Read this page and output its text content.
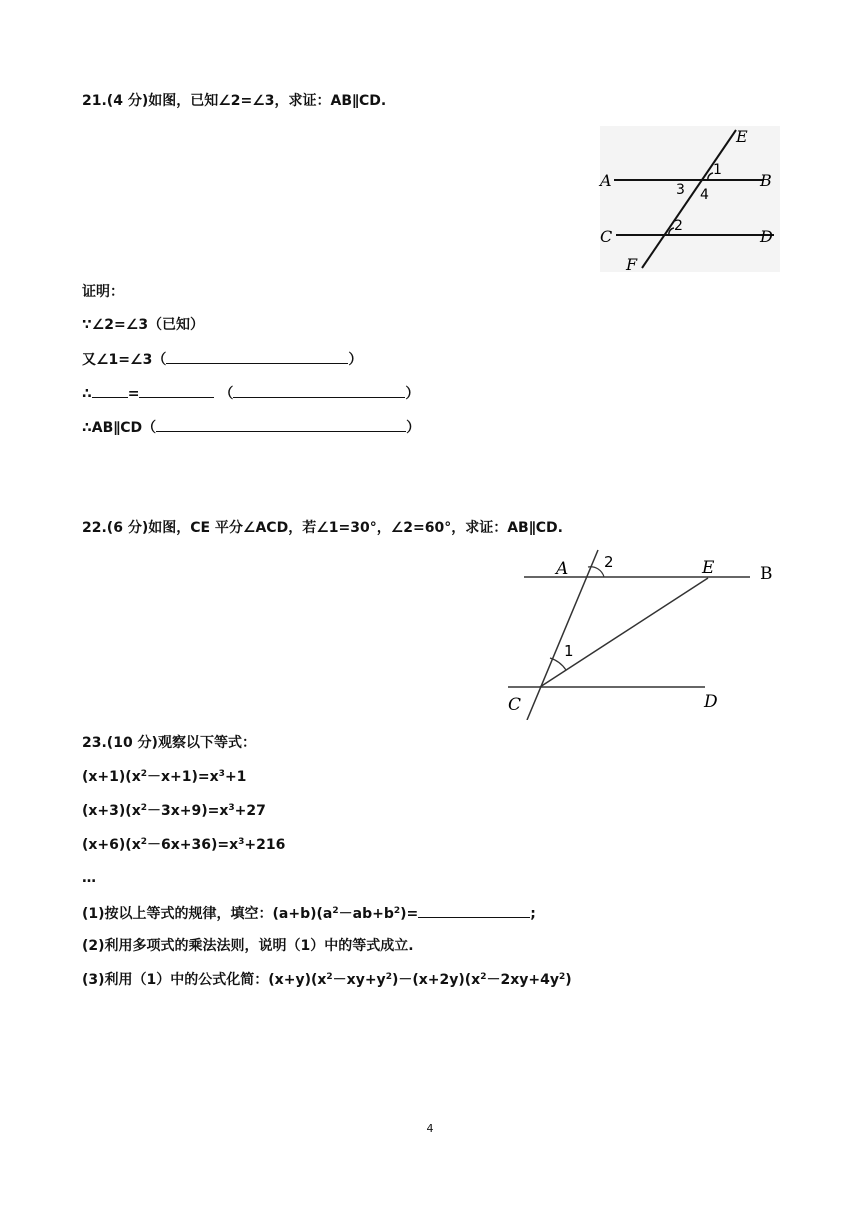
21.(4 分)如图，已知∠2=∠3，求证：AB∥CD.
E
A	B
C	D
F
1
3 4
2
证明：
∵∠2=∠3（已知）
又∠1=∠3（	）
∴	=	（	）
∴AB∥CD（	）
22.(6 分)如图，CE 平分∠ACD，若∠1=30°，∠2=60°，求证：AB∥CD.
A 2	E	B
1
C	D
23.(10 分)观察以下等式：
$(x+1)(x^2-x+1)=x^3+1$
$(x+3)(x^2-3x+9)=x^3+27$
$(x+6)(x^2-6x+36)=x^3+216$
…
(1)按以上等式的规律，填空：$(a+b)(a^2-ab+b^2)=$	;
(2)利用多项式的乘法法则，说明（1）中的等式成立.
(3)利用（1）中的公式化简：$(x+y)(x^2-xy+y^2)-(x+2y)(x^2-2xy+4y^2)$
4
